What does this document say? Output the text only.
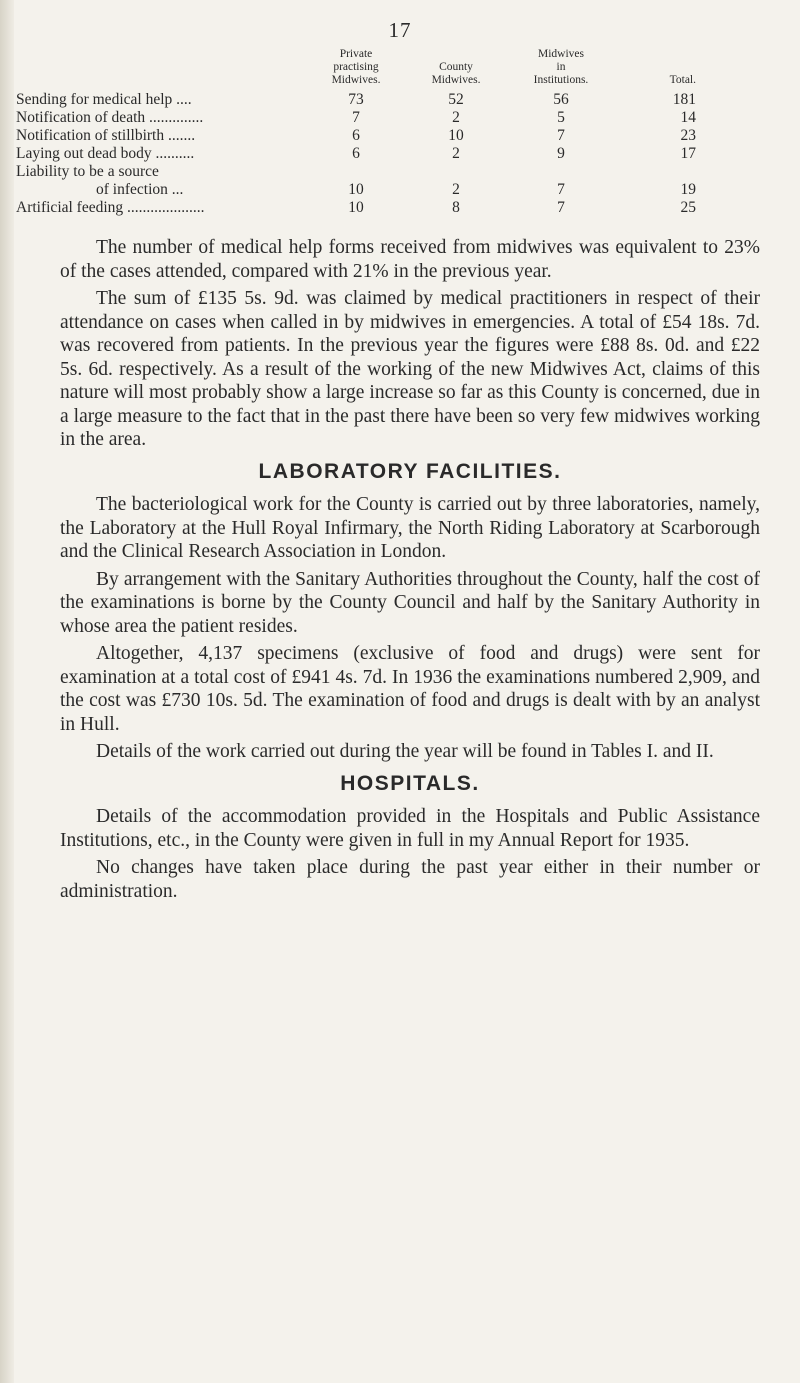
17
	Private
practising
Midwives.	County
Midwives.	Midwives
in
Institutions.	Total.
Sending for medical help ....	73	52	56	181
Notification of death ..............	7	2	5	14
Notification of stillbirth .......	6	10	7	23
Laying out dead body ..........	6	2	9	17

Liability to be a source
of infection ...	10	2	7	19
Artificial feeding ....................	10	8	7	25

The number of medical help forms received from midwives was equivalent to 23% of the cases attended, compared with 21% in the previous year.

The sum of £135 5s. 9d. was claimed by medical practitioners in respect of their attendance on cases when called in by midwives in emergencies. A total of £54 18s. 7d. was recovered from patients. In the previous year the figures were £88 8s. 0d. and £22 5s. 6d. respectively. As a result of the working of the new Midwives Act, claims of this nature will most probably show a large increase so far as this County is concerned, due in a large measure to the fact that in the past there have been so very few midwives working in the area.

LABORATORY FACILITIES.

The bacteriological work for the County is carried out by three laboratories, namely, the Laboratory at the Hull Royal Infirmary, the North Riding Laboratory at Scarborough and the Clinical Research Association in London.

By arrangement with the Sanitary Authorities throughout the County, half the cost of the examinations is borne by the County Council and half by the Sanitary Authority in whose area the patient resides.

Altogether, 4,137 specimens (exclusive of food and drugs) were sent for examination at a total cost of £941 4s. 7d. In 1936 the examinations numbered 2,909, and the cost was £730 10s. 5d. The examination of food and drugs is dealt with by an analyst in Hull.

Details of the work carried out during the year will be found in Tables I. and II.

HOSPITALS.

Details of the accommodation provided in the Hospitals and Public Assistance Institutions, etc., in the County were given in full in my Annual Report for 1935.

No changes have taken place during the past year either in their number or administration.
